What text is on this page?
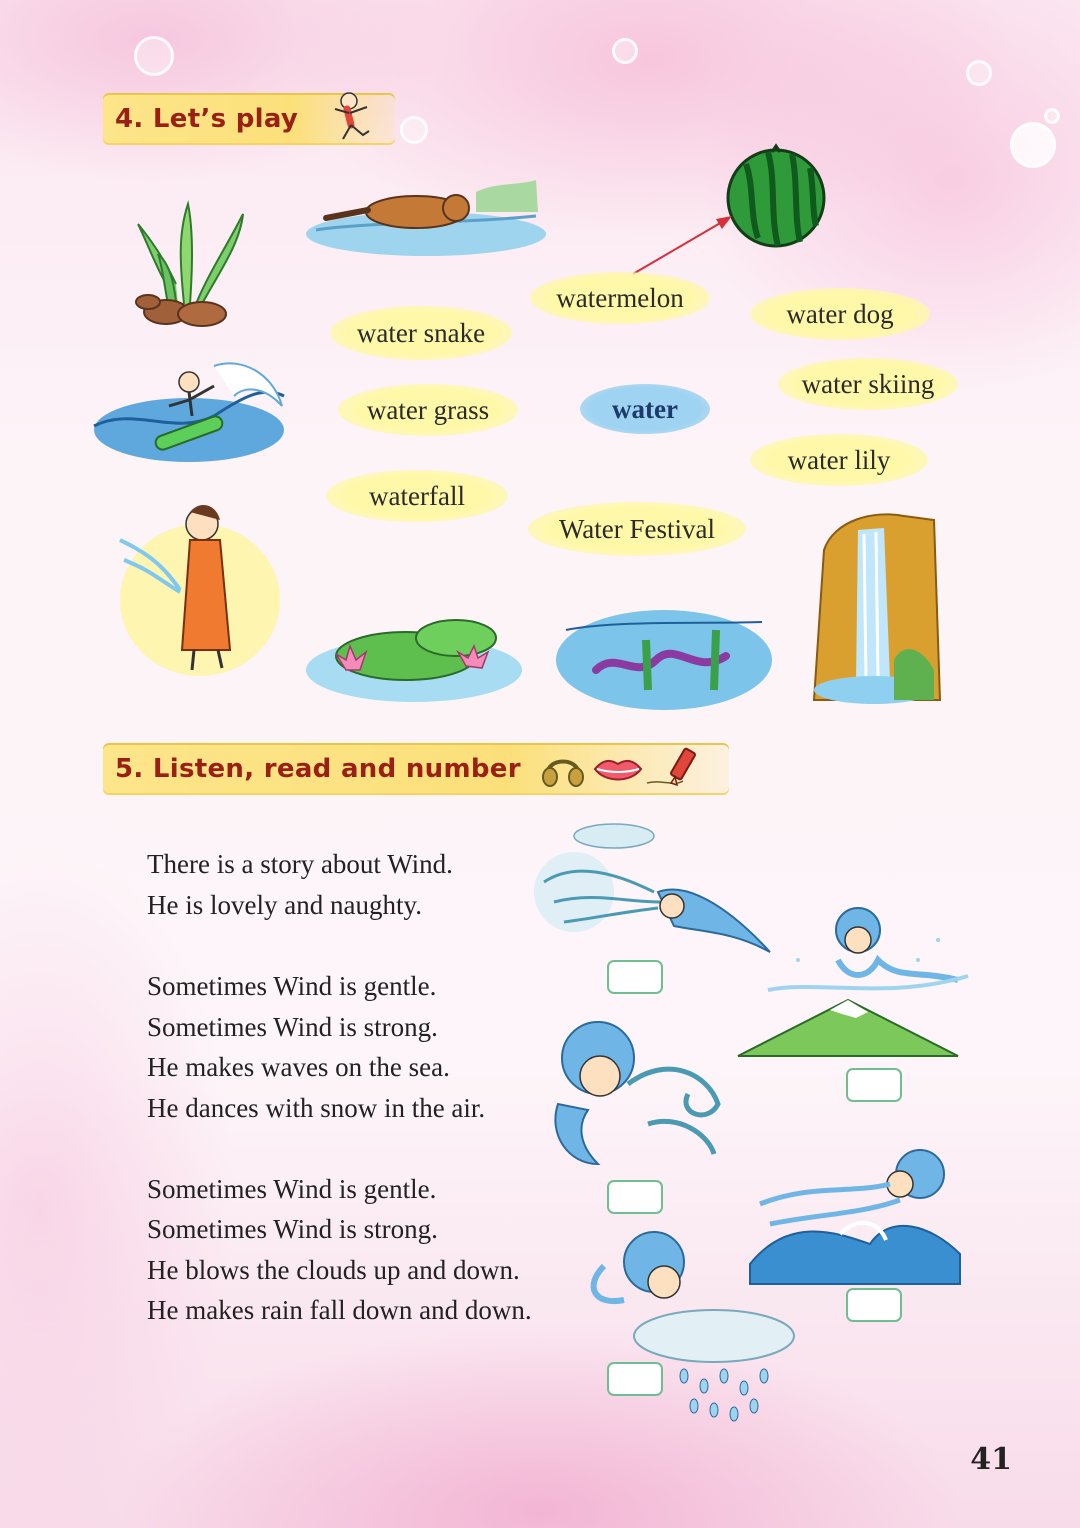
4. Let’s play
watermelon
water snake
water dog
water skiing
water grass	water
water lily
waterfall
Water Festival
5. Listen, read and number
There is a story about Wind.
He is lovely and naughty.
Sometimes Wind is gentle.
Sometimes Wind is strong.
He makes waves on the sea.
He dances with snow in the air.
Sometimes Wind is gentle.
Sometimes Wind is strong.
He blows the clouds up and down.
He makes rain fall down and down.
41
